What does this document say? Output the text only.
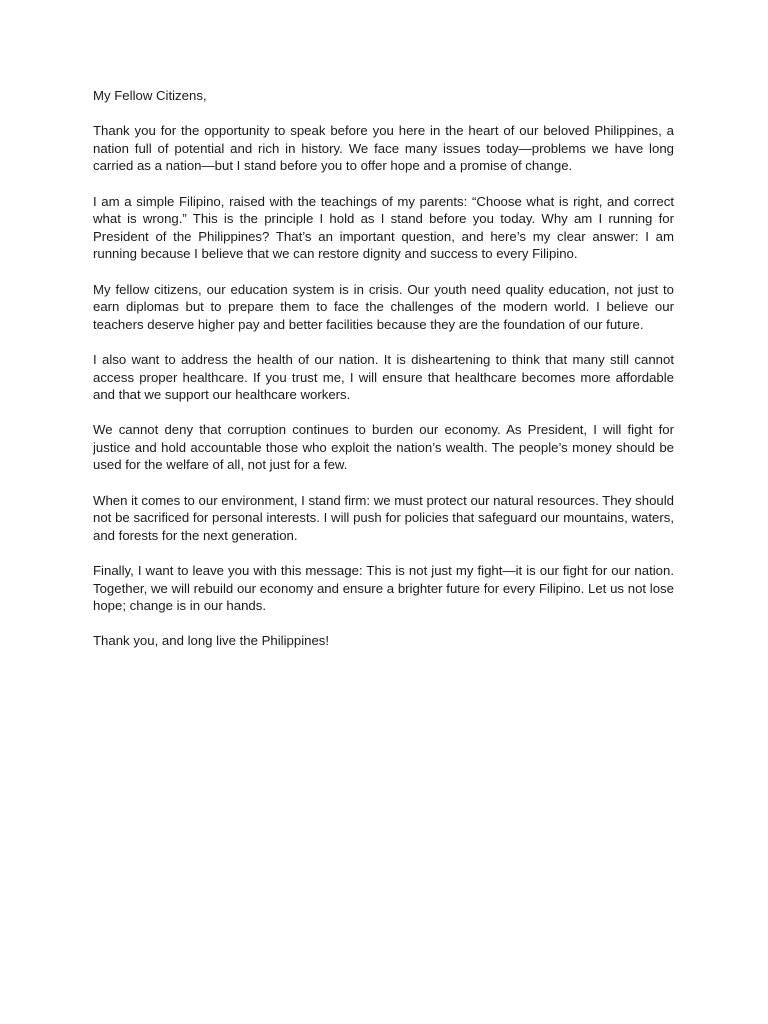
My Fellow Citizens,

Thank you for the opportunity to speak before you here in the heart of our beloved Philippines, a nation full of potential and rich in history. We face many issues today—problems we have long carried as a nation—but I stand before you to offer hope and a promise of change.

I am a simple Filipino, raised with the teachings of my parents: “Choose what is right, and correct what is wrong.” This is the principle I hold as I stand before you today. Why am I running for President of the Philippines? That’s an important question, and here’s my clear answer: I am running because I believe that we can restore dignity and success to every Filipino.

My fellow citizens, our education system is in crisis. Our youth need quality education, not just to earn diplomas but to prepare them to face the challenges of the modern world. I believe our teachers deserve higher pay and better facilities because they are the foundation of our future.

I also want to address the health of our nation. It is disheartening to think that many still cannot access proper healthcare. If you trust me, I will ensure that healthcare becomes more affordable and that we support our healthcare workers.

We cannot deny that corruption continues to burden our economy. As President, I will fight for justice and hold accountable those who exploit the nation’s wealth. The people’s money should be used for the welfare of all, not just for a few.

When it comes to our environment, I stand firm: we must protect our natural resources. They should not be sacrificed for personal interests. I will push for policies that safeguard our mountains, waters, and forests for the next generation.

Finally, I want to leave you with this message: This is not just my fight—it is our fight for our nation. Together, we will rebuild our economy and ensure a brighter future for every Filipino. Let us not lose hope; change is in our hands.

Thank you, and long live the Philippines!
